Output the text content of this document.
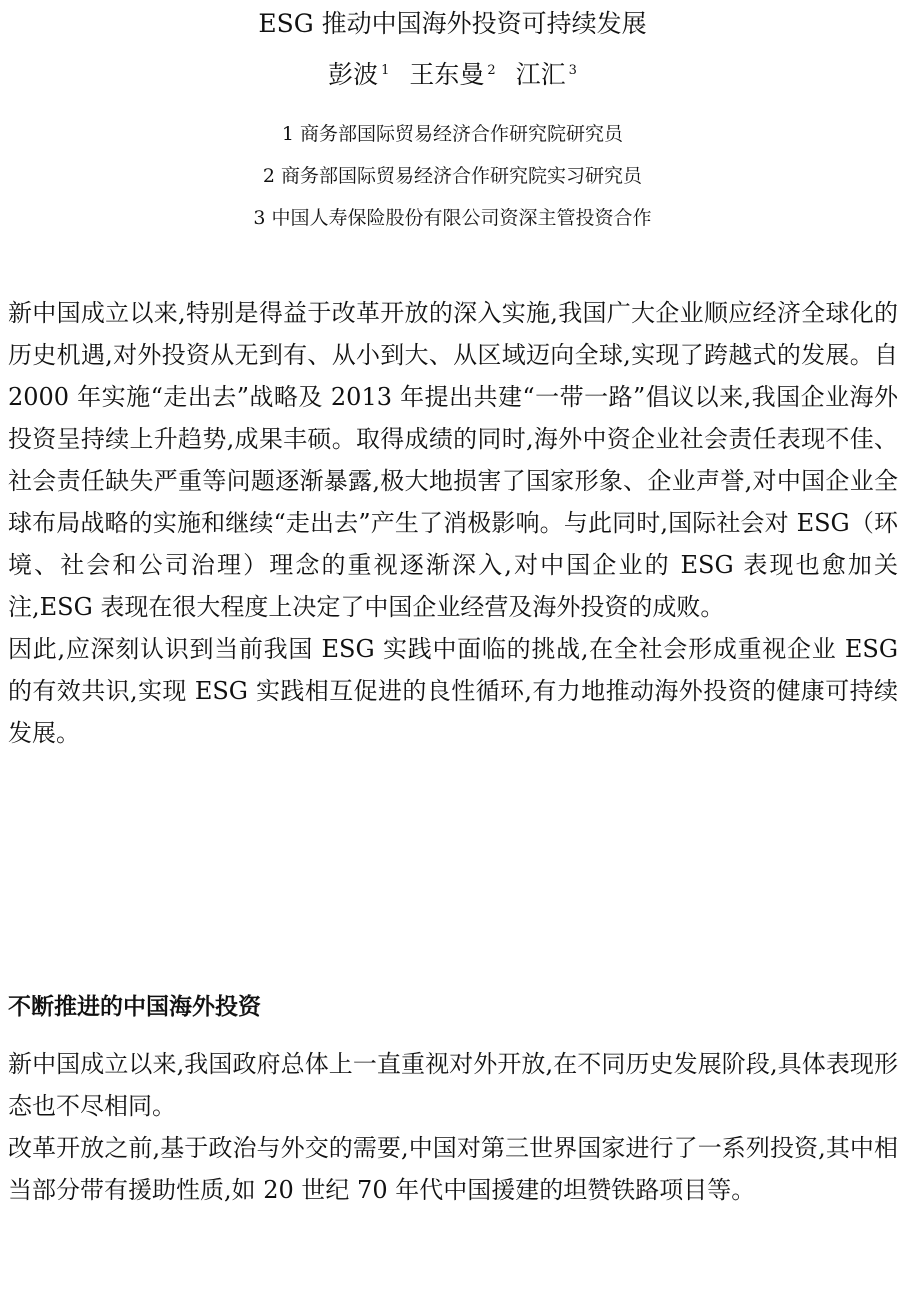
ESG 推动中国海外投资可持续发展
彭波 $^1$ 王东曼 $^2$ 江汇 $^3$
1 商务部国际贸易经济合作研究院研究员
2 商务部国际贸易经济合作研究院实习研究员
3 中国人寿保险股份有限公司资深主管投资合作

新中国成立以来,特别是得益于改革开放的深入实施,我国广大企业顺应经济全球化的历史机遇,对外投资从无到有、从小到大、从区域迈向全球,实现了跨越式的发展。自 2000 年实施“走出去”战略及 2013 年提出共建“一带一路”倡议以来,我国企业海外投资呈持续上升趋势,成果丰硕。取得成绩的同时,海外中资企业社会责任表现不佳、社会责任缺失严重等问题逐渐暴露,极大地损害了国家形象、企业声誉,对中国企业全球布局战略的实施和继续“走出去”产生了消极影响。与此同时,国际社会对 ESG（环境、社会和公司治理）理念的重视逐渐深入,对中国企业的 ESG 表现也愈加关注,ESG 表现在很大程度上决定了中国企业经营及海外投资的成败。

因此,应深刻认识到当前我国 ESG 实践中面临的挑战,在全社会形成重视企业 ESG 的有效共识,实现 ESG 实践相互促进的良性循环,有力地推动海外投资的健康可持续发展。

不断推进的中国海外投资

新中国成立以来,我国政府总体上一直重视对外开放,在不同历史发展阶段,具体表现形态也不尽相同。

改革开放之前,基于政治与外交的需要,中国对第三世界国家进行了一系列投资,其中相当部分带有援助性质,如 20 世纪 70 年代中国援建的坦赞铁路项目等。
